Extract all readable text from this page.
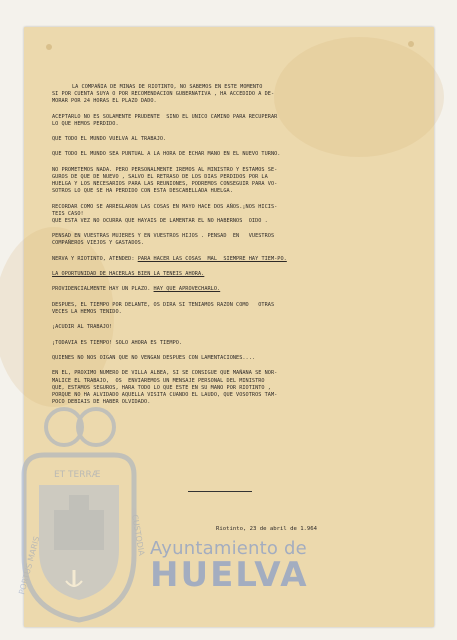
LA COMPAÑIA DE MINAS DE RIOTINTO, NO SABEMOS EN ESTE MOMENTO
SI POR CUENTA SUYA O POR RECOMENDACION GUBERNATIVA , HA ACCEDIDO A DE-
MORAR POR 24 HORAS EL PLAZO DADO.
ACEPTARLO NO ES SOLAMENTE PRUDENTE  SINO EL UNICO CAMINO PARA RECUPERAR
LO QUE HEMOS PERDIDO.
QUE TODO EL MUNDO VUELVA AL TRABAJO.
QUE TODO EL MUNDO SEA PUNTUAL A LA HORA DE ECHAR MANO EN EL NUEVO TURNO.
NO PROMETEMOS NADA. PERO PERSONALMENTE IREMOS AL MINISTRO Y ESTAMOS SE-
GUROS DE QUE DE NUEVO , SALVO EL RETRASO DE LOS DIAS PERDIDOS POR LA
HUELGA Y LOS NECESARIOS PARA LAS REUNIONES, PODREMOS CONSEGUIR PARA VO-
SOTROS LO QUE SE HA PERDIDO CON ESTA DESCABELLADA HUELGA.
RECORDAR COMO SE ARREGLARON LAS COSAS EN MAYO HACE DOS AÑOS.¡NOS HICIS-
TEIS CASO!
QUE ESTA VEZ NO OCURRA QUE HAYAIS DE LAMENTAR EL NO HABERNOS  OIDO .
PENSAD EN VUESTRAS MUJERES Y EN VUESTROS HIJOS . PENSAD  EN   VUESTROS
COMPAÑEROS VIEJOS Y GASTADOS.
NERVA Y RIOTINTO, ATENDED: PARA HACER LAS COSAS  MAL  SIEMPRE HAY TIEM-PO.
LA OPORTUNIDAD DE HACERLAS BIEN LA TENEIS AHORA.
PROVIDENCIALMENTE HAY UN PLAZO. HAY QUE APROVECHARLO.
DESPUES, EL TIEMPO POR DELANTE, OS DIRA SI TENIAMOS RAZON COMO   OTRAS
VECES LA HEMOS TENIDO.
¡ACUDIR AL TRABAJO!
¡TODAVIA ES TIEMPO! SOLO AHORA ES TIEMPO.
QUIENES NO NOS OIGAN QUE NO VENGAN DESPUES CON LAMENTACIONES....
EN EL, PROXIMO NUMERO DE VILLA ALBEA, SI SE CONSIGUE QUE MAÑANA SE NOR-
MALICE EL TRABAJO,  OS  ENVIAREMOS UN MENSAJE PERSONAL DEL MINISTRO
QUE, ESTAMOS SEGUROS, HARA TODO LO QUE ESTE EN SU MANO POR RIOTINTO ,
PORQUE NO HA ALVIDADO AQUELLA VISITA CUANDO EL LAUDO, QUE VOSOTROS TAM-
POCO DEBIAIS DE HABER OLVIDADO.
Riotinto, 23 de abril de 1.964
ET TERRÆ
PORTUS MARIS
CUSTODIA Ayuntamiento de
HUELVA
